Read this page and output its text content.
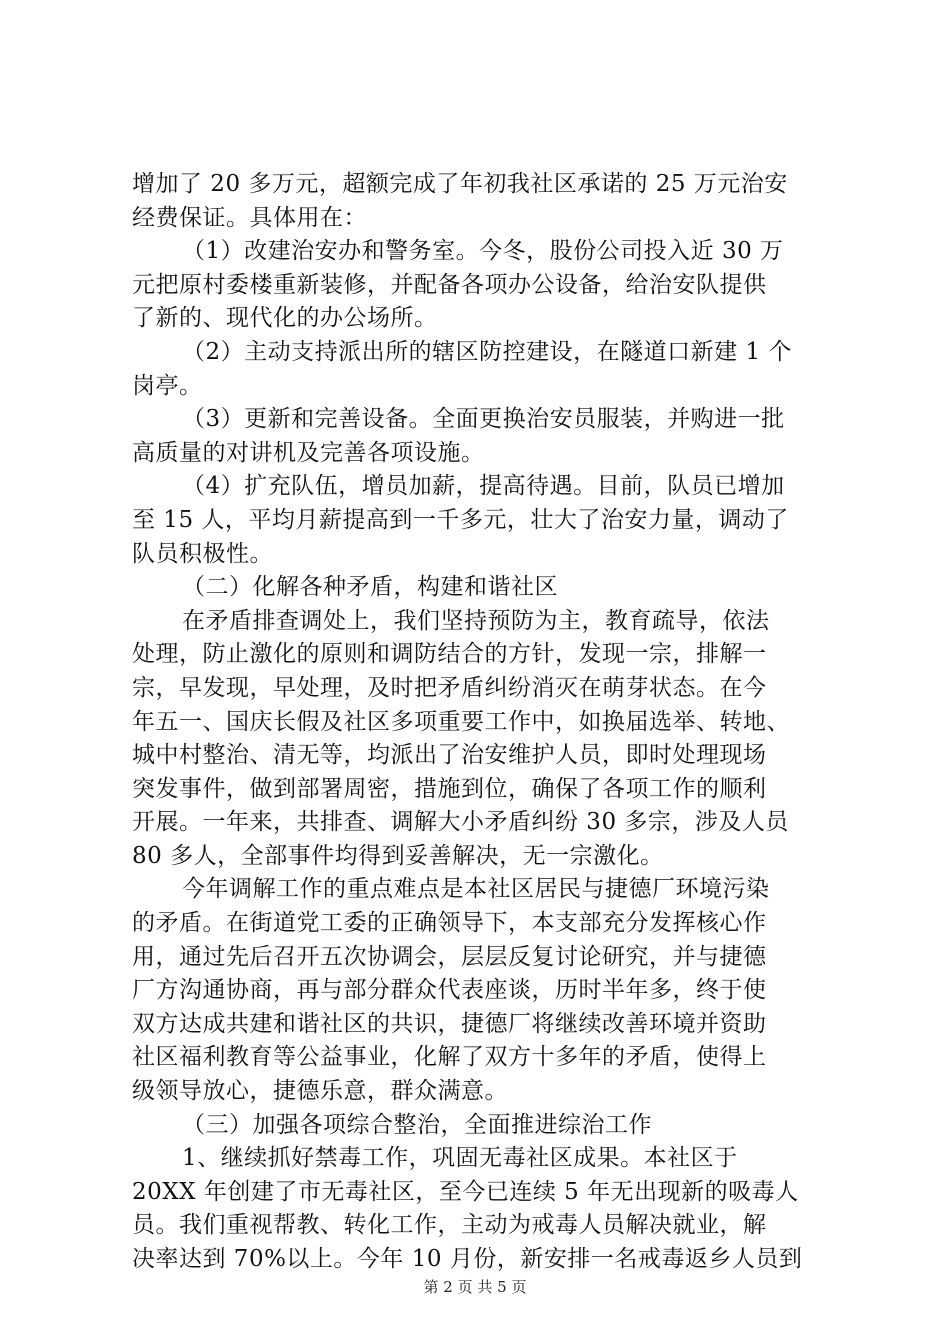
增加了 20 多万元，超额完成了年初我社区承诺的 25 万元治安
经费保证。具体用在：
（1）改建治安办和警务室。今冬，股份公司投入近 30 万
元把原村委楼重新装修，并配备各项办公设备，给治安队提供
了新的、现代化的办公场所。
（2）主动支持派出所的辖区防控建设，在隧道口新建 1 个
岗亭。
（3）更新和完善设备。全面更换治安员服装，并购进一批
高质量的对讲机及完善各项设施。
（4）扩充队伍，增员加薪，提高待遇。目前，队员已增加
至 15 人，平均月薪提高到一千多元，壮大了治安力量，调动了
队员积极性。
（二）化解各种矛盾，构建和谐社区
在矛盾排查调处上，我们坚持预防为主，教育疏导，依法
处理，防止激化的原则和调防结合的方针，发现一宗，排解一
宗，早发现，早处理，及时把矛盾纠纷消灭在萌芽状态。在今
年五一、国庆长假及社区多项重要工作中，如换届选举、转地、
城中村整治、清无等，均派出了治安维护人员，即时处理现场
突发事件，做到部署周密，措施到位，确保了各项工作的顺利
开展。一年来，共排查、调解大小矛盾纠纷 30 多宗，涉及人员
80 多人，全部事件均得到妥善解决，无一宗激化。
今年调解工作的重点难点是本社区居民与捷德厂环境污染
的矛盾。在街道党工委的正确领导下，本支部充分发挥核心作
用，通过先后召开五次协调会，层层反复讨论研究，并与捷德
厂方沟通协商，再与部分群众代表座谈，历时半年多，终于使
双方达成共建和谐社区的共识，捷德厂将继续改善环境并资助
社区福利教育等公益事业，化解了双方十多年的矛盾，使得上
级领导放心，捷德乐意，群众满意。
（三）加强各项综合整治，全面推进综治工作
1、继续抓好禁毒工作，巩固无毒社区成果。本社区于
20XX 年创建了市无毒社区，至今已连续 5 年无出现新的吸毒人
员。我们重视帮教、转化工作，主动为戒毒人员解决就业，解
决率达到 70%以上。今年 10 月份，新安排一名戒毒返乡人员到
第 2 页 共 5 页
